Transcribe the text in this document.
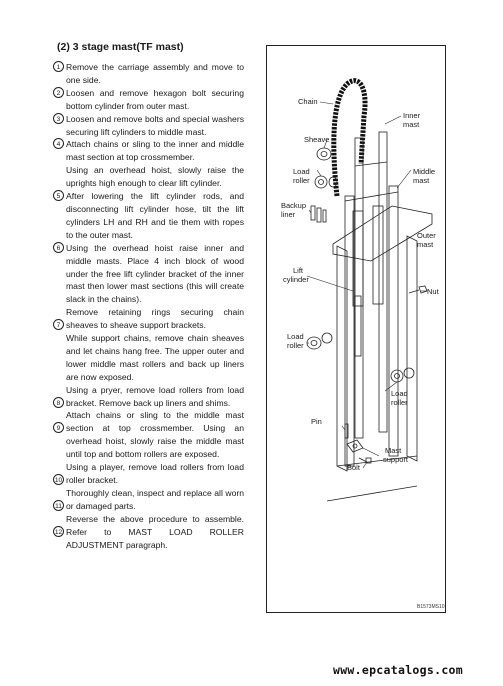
(2) 3 stage mast(TF mast)
1 Remove the carriage assembly and move to one side.
2 Loosen and remove hexagon bolt securing bottom cylinder from outer mast.
3 Loosen and remove bolts and special washers securing lift cylinders to middle mast.
4 Attach chains or sling to the inner and middle mast section at top crossmember.
Using an overhead hoist, slowly raise the uprights high enough to clear lift cylinder.
5 After lowering the lift cylinder rods, and disconnecting lift cylinder hose, tilt the lift cylinders LH and RH and tie them with ropes to the outer mast.
6 Using the overhead hoist raise inner and middle masts. Place 4 inch block of wood under the free lift cylinder bracket of the inner mast then lower mast sections (this will create slack in the chains).
7
Remove retaining rings securing chain sheaves to sheave support brackets.
While support chains, remove chain sheaves and let chains hang free. The upper outer and lower middle mast rollers and back up liners are now exposed.
8
Using a pryer, remove load rollers from load bracket. Remove back up liners and shims.
9
Attach chains or sling to the middle mast section at top crossmember. Using an overhead hoist, slowly raise the middle mast until top and bottom rollers are exposed.
10
Using a player, remove load rollers from load roller bracket.
11
Thoroughly clean, inspect and replace all worn or damaged parts.
12
Reverse the above procedure to assemble. Refer to MAST LOAD ROLLER ADJUSTMENT paragraph.
Chain
Inner mast
Sheave
Load roller
Middle mast
Backup liner
Outer mast
Lift cylinder
Nut
Load roller
Load roller
Pin
Mast support
Bolt
B1573MS10
www.epcatalogs.com
